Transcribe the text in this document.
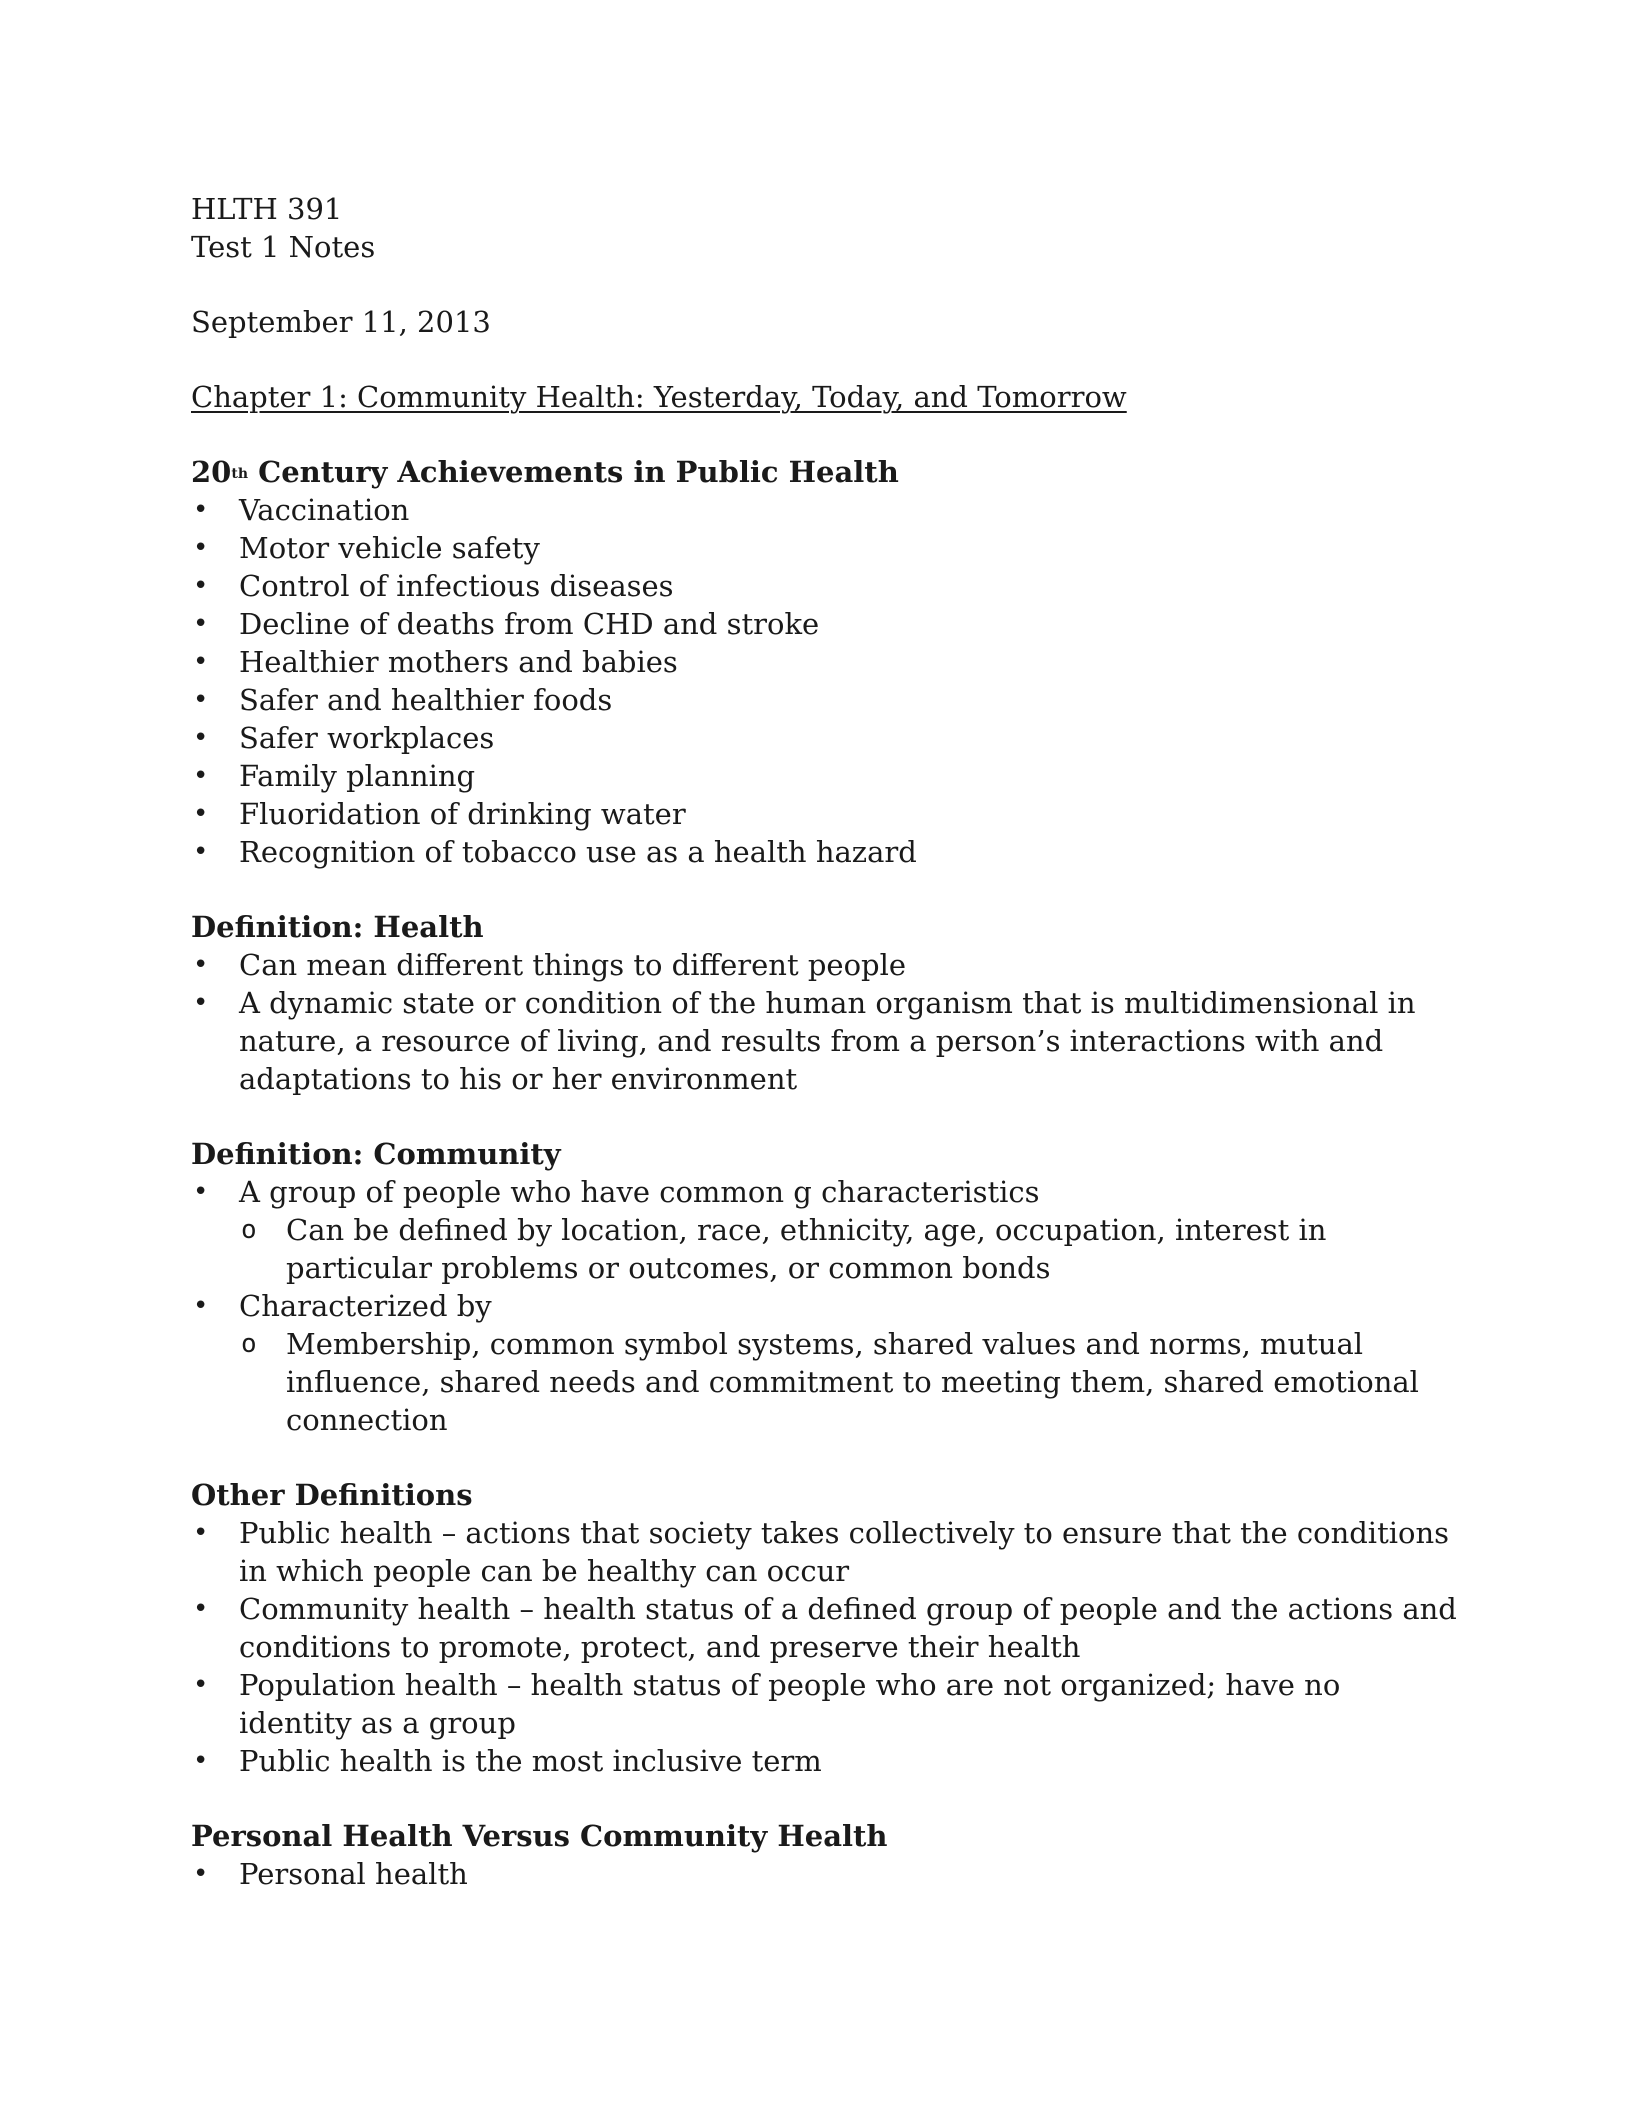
HLTH 391
Test 1 Notes
September 11, 2013
Chapter 1: Community Health: Yesterday, Today, and Tomorrow
20th Century Achievements in Public Health
• Vaccination
• Motor vehicle safety
• Control of infectious diseases
• Decline of deaths from CHD and stroke
• Healthier mothers and babies
• Safer and healthier foods
• Safer workplaces
• Family planning
• Fluoridation of drinking water
• Recognition of tobacco use as a health hazard
Definition: Health
• Can mean different things to different people
• A dynamic state or condition of the human organism that is multidimensional in nature, a resource of living, and results from a person’s interactions with and adaptations to his or her environment
Definition: Community
• A group of people who have common g characteristics
o Can be defined by location, race, ethnicity, age, occupation, interest in particular problems or outcomes, or common bonds
• Characterized by
o Membership, common symbol systems, shared values and norms, mutual influence, shared needs and commitment to meeting them, shared emotional connection
Other Definitions
• Public health – actions that society takes collectively to ensure that the conditions in which people can be healthy can occur
• Community health – health status of a defined group of people and the actions and conditions to promote, protect, and preserve their health
• Population health – health status of people who are not organized; have no identity as a group
• Public health is the most inclusive term
Personal Health Versus Community Health
• Personal health
